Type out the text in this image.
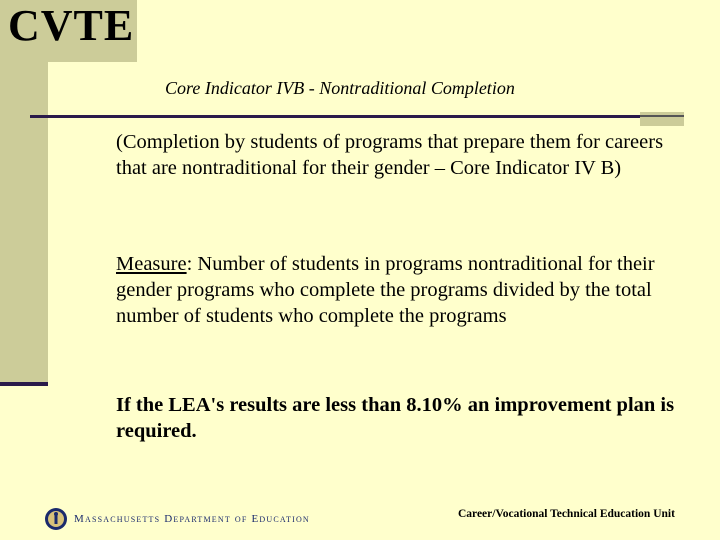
CVTE
Core Indicator IVB - Nontraditional Completion
(Completion by students of programs that prepare them for careers that are nontraditional for their gender – Core Indicator IV B)
Measure: Number of students in programs nontraditional for their gender programs who complete the programs divided by the total number of students who complete the programs
If the LEA's results are less than 8.10% an improvement plan is required.
Massachusetts Department of Education	Career/Vocational Technical Education Unit
